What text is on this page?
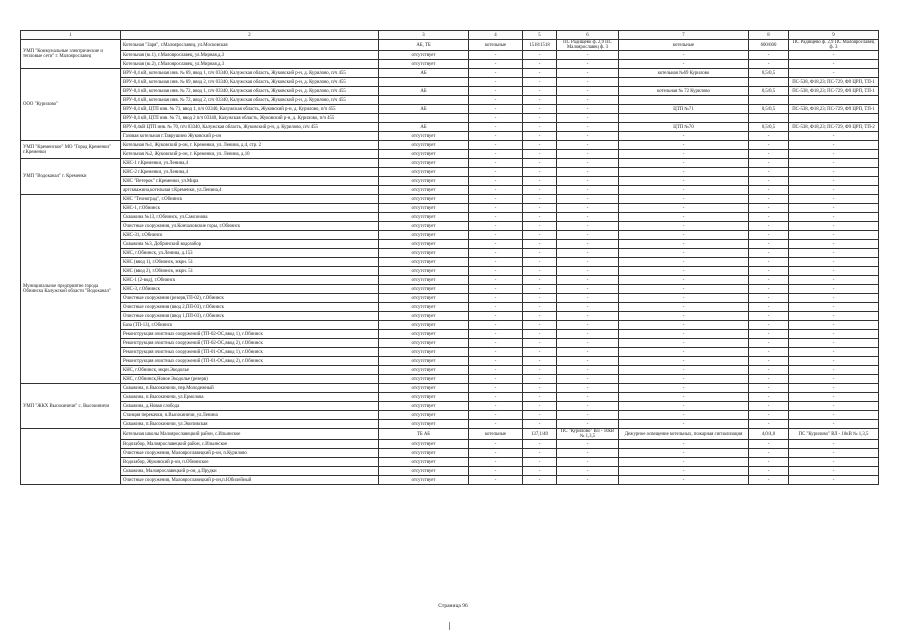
1	2	3	4	5	6	7	8	9
УМП "Коммунальные электрические и тепловые сети" г. Малоярославец	Котельная "Заря", г.Малоярославец, ул.Московская	АБ, ТБ	котельные	1518/1518	ПС Радищево ф. 2,9 ПС Малоярославец ф. 3	котельные	600/600	ПС Радищево ф. 2,9 ПС Малоярославец ф. 3
	Котельная (ю.1), г.Малоярославец, ул.Мирная,д.3	отсутствует	-	-	-	-	-	-
	Котельная (ю.2), г.Малоярославец, ул.Мирная,д.3	отсутствует	-	-	-	-	-	-
ООО "Курилово"	ВРУ-0,4 кВ, котельная инв. № 69, ввод 1, п/ч 03340, Калужская область, Жуковский р-н, д. Курилово, п/ч 455	АБ	-	-	-	котельная №69 Курилово	0,5/0,5	-
	ВРУ-0,4 кВ, котельная инв. № 69, ввод 2, п/ч 03340, Калужская область, Жуковский р-н, д. Курилово, п/ч 455		-	-	-			ПС-538, Ф18,23; ПС-729, Ф9 ЦРП, ТП-1
	ВРУ-0,4 кВ, котельная инв. № 72, ввод 1, п/ч 03340, Калужская область, Жуковский р-н, д. Курилово, п/ч 455	АБ	-	-	-	котельная № 72 Курилово	0,5/0,5	ПС-538, Ф18,23; ПС-729, Ф9 ЦРП, ТП-1
	ВРУ-0,4 кВ, котельная инв. № 72, ввод 2, п/ч 03340, Калужская область, Жуковский р-н, д. Курилово, п/ч 455		-	-	-			
	ВРУ-0,4 кВ, ЦТП инв. № 71, ввод 1, п/ч 03340, Калужская область, Жуковский р-н, д. Курилово, п/ч 455	АБ	-	-	-	ЦТП №71	0,5/0,5	ПС-538, Ф18,23; ПС-729, Ф9 ЦРП, ТП-1
	ВРУ-0,4 кВ, ЦТП инв. № 71, ввод 2 п/ч 03340, Калужская область, Жуковский р-н, д. Курилово, п/ч 455		-	-	-			
	ВРУ-0,4кВ ЦТП инв. № 70, п/ч 03340, Калужская область, Жуковский р-н, д. Курилово, п/ч 455	АБ	-	-	-	ЦТП №70	0,5/0,5	ПС-538, Ф18,23; ПС-729, Ф9 ЦРП, ТП-2
	Газовая котельная г.Таврушино Жуковский р-он	отсутствует	-	-	-	-	-	-
УМП "Кременское" МО "Город Кременки" г.Кременки	Котельная №1, Жуковский р-он, г. Кременки, ул. Ленина, д.4, стр. 2	отсутствует	-	-	-	-	-	-
	Котельная №2, Жуковский р-он, г. Кременки, ул. Ленина, д.10	отсутствует	-	-	-	-	-	-
УМП "Водоканал" г. Кременки	КНС-1 г.Кременки, ул.Ленина,4	отсутствует	-	-	-	-	-	-
	КНС-2 г.Кременки, ул.Ленина,4	отсутствует	-	-	-	-	-	-
	КНС "Ветерок" г.Кременки, ул.Мира	отсутствует	-	-	-	-	-	-
	артскважина,котельная г.Кременки, ул.Ленина,4	отсутствует	-	-	-	-	-	-
Муниципальное предприятие города Обнинска Калужской области "Водоканал"	КНС "Техноград", г.Обнинск	отсутствует	-	-	-	-	-	-
	КНС-1, г.Обнинск	отсутствует	-	-	-	-	-	-
	Скважина №13, г.Обнинск, ул.Самсонова	отсутствует	-	-	-	-	-	-
	Очистные сооружения, ул.Кончаловские горы, г.Обнинск	отсутствует	-	-	-	-	-	-
	КНС-31, г.Обнинск	отсутствует	-	-	-	-	-	-
	Скважина №3, Добринский водозабор	отсутствует	-	-	-	-	-	-
	КНС, г.Обнинск, ул.Ленина, д.153	отсутствует	-	-	-	-	-	-
	КНС (ввод 1), г.Обнинск, мкрн. 51	отсутствует	-	-	-	-	-	-
	КНС (ввод 2), г.Обнинск, мкрн. 51	отсутствует	-	-	-	-	-	-
	КНС-1 (2-вод), г.Обнинск	отсутствует	-	-	-	-	-	-
	КНС-3, г.Обнинск	отсутствует	-	-	-	-	-	-
	Очистные сооружения (резерв,ТП-02), г.Обнинск	отсутствует	-	-	-	-	-	-
	Очистные сооружения (ввод 2,ПП-03), г.Обнинск	отсутствует	-	-	-	-	-	-
	Очистные сооружения (ввод 1,ПП-03), г.Обнинск	отсутствует	-	-	-	-	-	-
	База (ТП-13), г.Обнинск	отсутствует	-	-	-	-	-	-
	Реконструкция очистных сооружений (ТП-02-ОС,ввод 1), г.Обнинск	отсутствует	-	-	-	-	-	-
	Реконструкция очистных сооружений (ТП-02-ОС,ввод 2), г.Обнинск	отсутствует	-	-	-	-	-	-
	Реконструкция очистных сооружений (ТП-01-ОС,ввод 1), г.Обнинск	отсутствует	-	-	-	-	-	-
	Реконструкция очистных сооружений (ТП-01-ОС,ввод 2), г.Обнинск	отсутствует	-	-	-	-	-	-
	КНС, г.Обнинск, мкрн.Экодолье	отсутствует	-	-	-	-	-	-
	КНС, г.Обнинск,Новое Экодолье (резерв)	отсутствует	-	-	-	-	-	-
УМП "ЖКХ Высокиничи" с. Высокиничи	Скважина, п.Высокиничи, пер.Молодежный	отсутствует	-	-	-	-	-	-
	Скважина, п.Высокиничи, ул.Ермолова	отсутствует	-	-	-	-	-	-
	Скважина, д.Новая слобода	отсутствует	-	-	-	-	-	-
	Станция перекачки, п.Высокиничи, ул.Ленина	отсутствует	-	-	-	-	-	-
	Скважина, п.Высокиничи, ул.Экопивская	отсутствует	-	-	-	-	-	-
	Котельная школы Малоярославецкий район, с.Ильинское	ТБ АБ	котельные	137,1/40	ПС "Курилово" ВЛ - 10кВ № 1,3,5	Дежурное освещение котельных, пожарная сигнализация	4,0/4,0	ПС "Курилово" ВЛ - 10кВ № 1,3,5
	Водозабор, Малоярославецкий район, с.Ильинское	отсутствует	-	-	-	-	-	-
	Очистные сооружения, Малоярославецкий р-он, п.Курилово	отсутствует	-	-	-	-	-	-
	Водозабор, Жуковский р-он, п.Обнинское	отсутствует	-	-	-	-	-	-
	Скважина, Малоярославецкий р-он, д.Прудки	отсутствует	-	-	-	-	-	-
	Очистные сооружения, Малоярославецкий р-он,п.Юбилейный	отсутствует	-	-	-	-	-	-
Страница 96
